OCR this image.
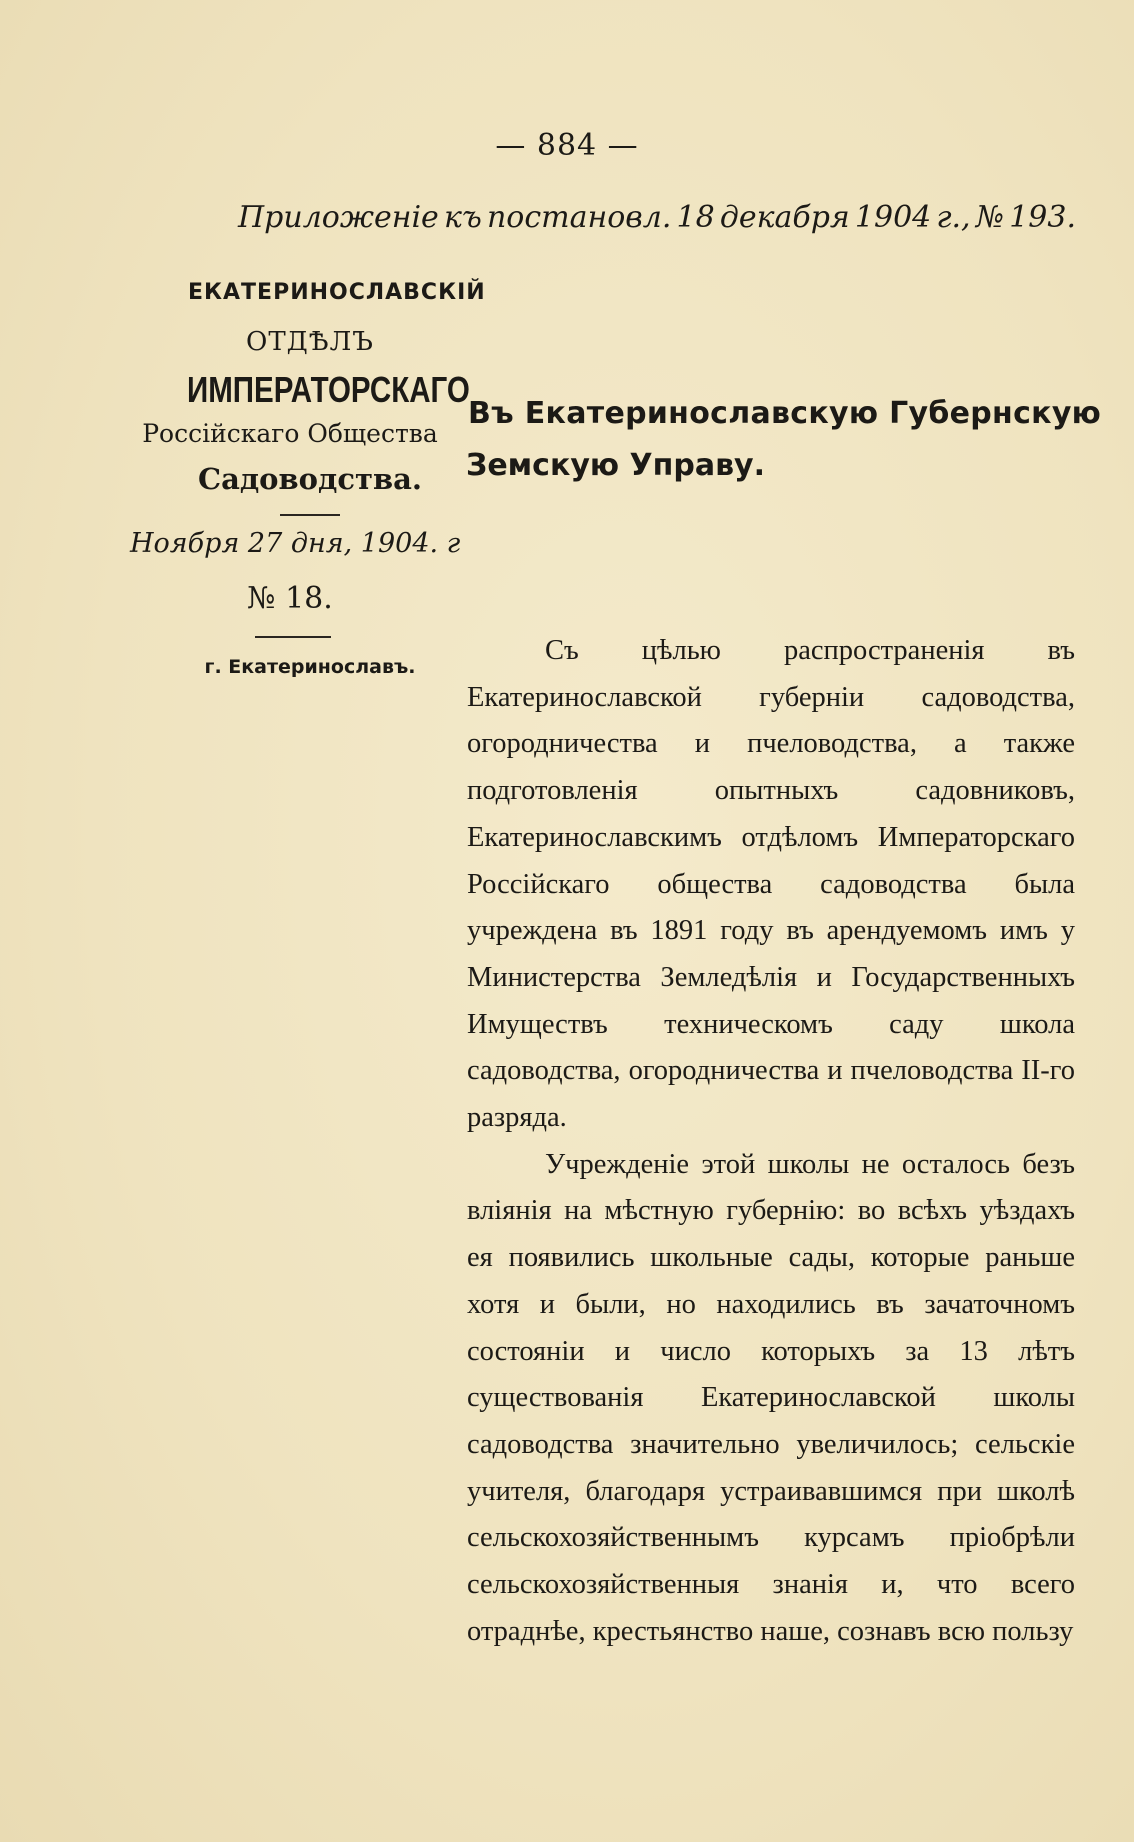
— 884 —
Приложеніе къ постановл. 18 декабря 1904 г., № 193.
ЕКАТЕРИНОСЛАВСКІЙ
ОТДѢЛЪ
ИМПЕРАТОРСКАГО
Россійскаго Общества
Садоводства.
Ноября 27 дня, 1904. г
№ 18.
г. Екатеринославъ.
Въ Екатеринославскую Губернскую
Земскую Управу.

Съ цѣлью распространенія въ Екатеринославской губерніи садоводства, огородничества и пчеловодства, а также подготовленія опытныхъ садовниковъ, Екатеринославскимъ отдѣломъ Императорскаго Россійскаго общества садоводства была учреждена въ 1891 году въ арендуемомъ имъ у Министерства Земледѣлія и Государственныхъ Имуществъ техническомъ саду школа садоводства, огородничества и пчеловодства II-го разряда.

Учрежденіе этой школы не осталось безъ вліянія на мѣстную губернію: во всѣхъ уѣздахъ ея появились школьные сады, которые раньше хотя и были, но находились въ зачаточномъ состояніи и число которыхъ за 13 лѣтъ существованія Екатеринославской школы садоводства значительно увеличилось; сельскіе учителя, благодаря устраивавшимся при школѣ сельскохозяйственнымъ курсамъ пріобрѣли сельскохозяйственныя знанія и, что всего отраднѣе, крестьянство наше, сознавъ всю пользу
